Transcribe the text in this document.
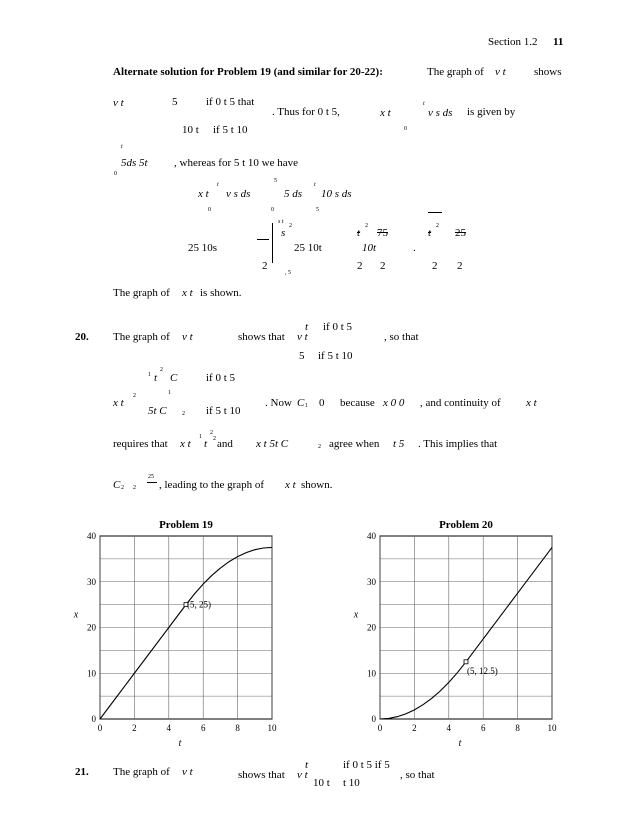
Section 1.2 11
Alternate solution for Problem 19 (and similar for 20-22):	The graph of v t	shows
v t	5	if 0 t 5 that
10 t if 5 t 10
. Thus for 0 t 5,	x t
t
v s ds
0
is given by
t
5ds 5t , whereas for 5 t 10 we have
0
x t
t
v s ds
5
5 ds
t
10 s ds
0	0	5
25 10s
s
2
s t
25 10t
t
2
75
10t
t
2
25
.
2
, 5
2 2	2 2
The graph of x t is shown.
20. The graph of v t	shows that v t
t if 0 t 5
, so that
5 if 5 t 10
1 t
2
C	if 0 t 5
x t
2	1
5t C	2 if 5 t 10
. Now C 1 0 because x 0 0 , and continuity of x t
requires that x t
1
t
2
2 and x t 5t C	2 agree when t 5 . This implies that
C 2 2
25
, leading to the graph of x t shown.
Problem 19
0	2	4	6	8	10
0
10
20
30
40
t
x
(5, 25)
Problem 20
0	2	4	6	8	10
0
10
20
30
40
t
x
(5, 12.5)
21. The graph of v t	shows that v t
t	if 0 t 5 if 5
10 t t 10
, so that
